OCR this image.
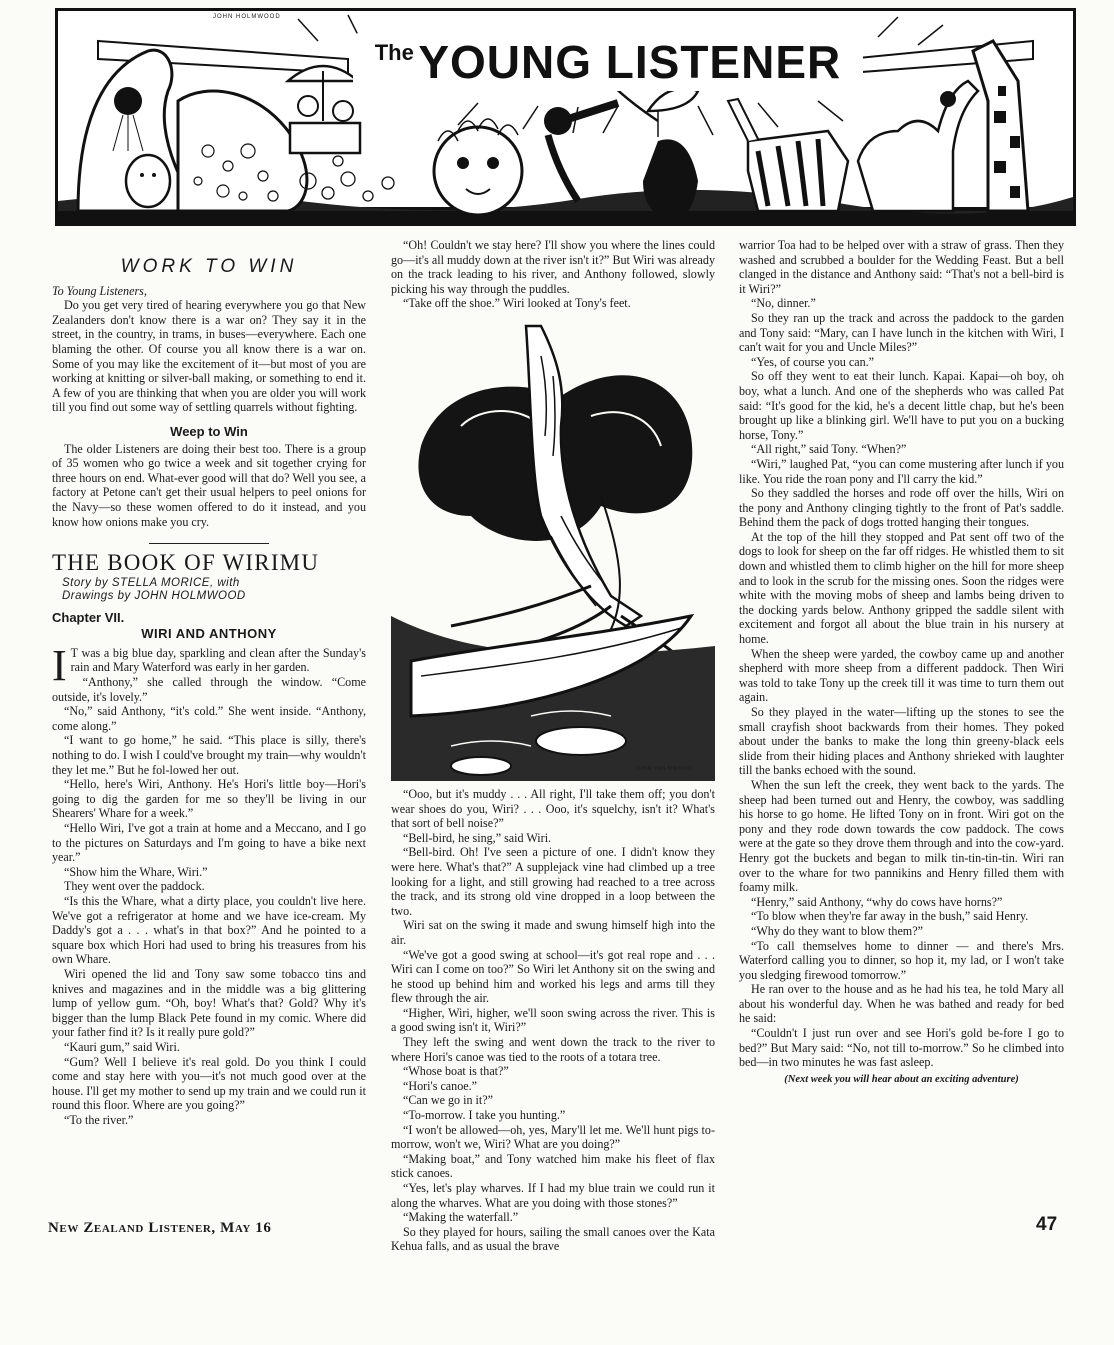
JOHN HOLMWOOD
The YOUNG LISTENER
WORK TO WIN

To Young Listeners,

Do you get very tired of hearing everywhere you go that New Zealanders don't know there is a war on? They say it in the street, in the country, in trams, in buses—everywhere. Each one blaming the other. Of course you all know there is a war on. Some of you may like the excitement of it—but most of you are working at knitting or silver-ball making, or something to end it. A few of you are thinking that when you are older you will work till you find out some way of settling quarrels without fighting.

Weep to Win

The older Listeners are doing their best too. There is a group of 35 women who go twice a week and sit together crying for three hours on end. What-ever good will that do? Well you see, a factory at Petone can't get their usual helpers to peel onions for the Navy—so these women offered to do it instead, and you know how onions make you cry.

THE BOOK OF WIRIMU
Story by STELLA MORICE, with
Drawings by JOHN HOLMWOOD
Chapter VII.
WIRI AND ANTHONY
I T was a big blue day, sparkling and clean after the Sunday's rain and Mary Waterford was early in her garden.

“Anthony,” she called through the window. “Come outside, it's lovely.”

“No,” said Anthony, “it's cold.” She went inside. “Anthony, come along.”

“I want to go home,” he said. “This place is silly, there's nothing to do. I wish I could've brought my train—why wouldn't they let me.” But he fol-lowed her out.

“Hello, here's Wiri, Anthony. He's Hori's little boy—Hori's going to dig the garden for me so they'll be living in our Shearers' Whare for a week.”

“Hello Wiri, I've got a train at home and a Meccano, and I go to the pictures on Saturdays and I'm going to have a bike next year.”

“Show him the Whare, Wiri.”

They went over the paddock.

“Is this the Whare, what a dirty place, you couldn't live here. We've got a refrigerator at home and we have ice-cream. My Daddy's got a . . . what's in that box?” And he pointed to a square box which Hori had used to bring his treasures from his own Whare.

Wiri opened the lid and Tony saw some tobacco tins and knives and magazines and in the middle was a big glittering lump of yellow gum. “Oh, boy! What's that? Gold? Why it's bigger than the lump Black Pete found in my comic. Where did your father find it? Is it really pure gold?”

“Kauri gum,” said Wiri.

“Gum? Well I believe it's real gold. Do you think I could come and stay here with you—it's not much good over at the house. I'll get my mother to send up my train and we could run it round this floor. Where are you going?”

“To the river.”

“Oh! Couldn't we stay here? I'll show you where the lines could go—it's all muddy down at the river isn't it?” But Wiri was already on the track leading to his river, and Anthony followed, slowly picking his way through the puddles.

“Take off the shoe.” Wiri looked at Tony's feet.

JOHN HOLMWOOD

“Ooo, but it's muddy . . . All right, I'll take them off; you don't wear shoes do you, Wiri? . . . Ooo, it's squelchy, isn't it? What's that sort of bell noise?”

“Bell-bird, he sing,” said Wiri.

“Bell-bird. Oh! I've seen a picture of one. I didn't know they were here. What's that?” A supplejack vine had climbed up a tree looking for a light, and still growing had reached to a tree across the track, and its strong old vine dropped in a loop between the two.

Wiri sat on the swing it made and swung himself high into the air.

“We've got a good swing at school—it's got real rope and . . . Wiri can I come on too?” So Wiri let Anthony sit on the swing and he stood up behind him and worked his legs and arms till they flew through the air.

“Higher, Wiri, higher, we'll soon swing across the river. This is a good swing isn't it, Wiri?”

They left the swing and went down the track to the river to where Hori's canoe was tied to the roots of a totara tree.

“Whose boat is that?”

“Hori's canoe.”

“Can we go in it?”

“To-morrow. I take you hunting.”

“I won't be allowed—oh, yes, Mary'll let me. We'll hunt pigs to-morrow, won't we, Wiri? What are you doing?”

“Making boat,” and Tony watched him make his fleet of flax stick canoes.

“Yes, let's play wharves. If I had my blue train we could run it along the wharves. What are you doing with those stones?”

“Making the waterfall.”

So they played for hours, sailing the small canoes over the Kata Kehua falls, and as usual the brave

warrior Toa had to be helped over with a straw of grass. Then they washed and scrubbed a boulder for the Wedding Feast. But a bell clanged in the distance and Anthony said: “That's not a bell-bird is it Wiri?”

“No, dinner.”

So they ran up the track and across the paddock to the garden and Tony said: “Mary, can I have lunch in the kitchen with Wiri, I can't wait for you and Uncle Miles?”

“Yes, of course you can.”

So off they went to eat their lunch. Kapai. Kapai—oh boy, oh boy, what a lunch. And one of the shepherds who was called Pat said: “It's good for the kid, he's a decent little chap, but he's been brought up like a blinking girl. We'll have to put you on a bucking horse, Tony.”

“All right,” said Tony. “When?”

“Wiri,” laughed Pat, “you can come mustering after lunch if you like. You ride the roan pony and I'll carry the kid.”

So they saddled the horses and rode off over the hills, Wiri on the pony and Anthony clinging tightly to the front of Pat's saddle. Behind them the pack of dogs trotted hanging their tongues.

At the top of the hill they stopped and Pat sent off two of the dogs to look for sheep on the far off ridges. He whistled them to sit down and whistled them to climb higher on the hill for more sheep and to look in the scrub for the missing ones. Soon the ridges were white with the moving mobs of sheep and lambs being driven to the docking yards below. Anthony gripped the saddle silent with excitement and forgot all about the blue train in his nursery at home.

When the sheep were yarded, the cowboy came up and another shepherd with more sheep from a different paddock. Then Wiri was told to take Tony up the creek till it was time to turn them out again.

So they played in the water—lifting up the stones to see the small crayfish shoot backwards from their homes. They poked about under the banks to make the long thin greeny-black eels slide from their hiding places and Anthony shrieked with laughter till the banks echoed with the sound.

When the sun left the creek, they went back to the yards. The sheep had been turned out and Henry, the cowboy, was saddling his horse to go home. He lifted Tony on in front. Wiri got on the pony and they rode down towards the cow paddock. The cows were at the gate so they drove them through and into the cow-yard. Henry got the buckets and began to milk tin-tin-tin-tin. Wiri ran over to the whare for two pannikins and Henry filled them with foamy milk.

“Henry,” said Anthony, “why do cows have horns?”

“To blow when they're far away in the bush,” said Henry.

“Why do they want to blow them?”

“To call themselves home to dinner — and there's Mrs. Waterford calling you to dinner, so hop it, my lad, or I won't take you sledging firewood tomorrow.”

He ran over to the house and as he had his tea, he told Mary all about his wonderful day. When he was bathed and ready for bed he said:

“Couldn't I just run over and see Hori's gold be-fore I go to bed?” But Mary said: “No, not till to-morrow.” So he climbed into bed—in two minutes he was fast asleep.

(Next week you will hear about an exciting adventure)
New Zealand Listener, May 16	47
